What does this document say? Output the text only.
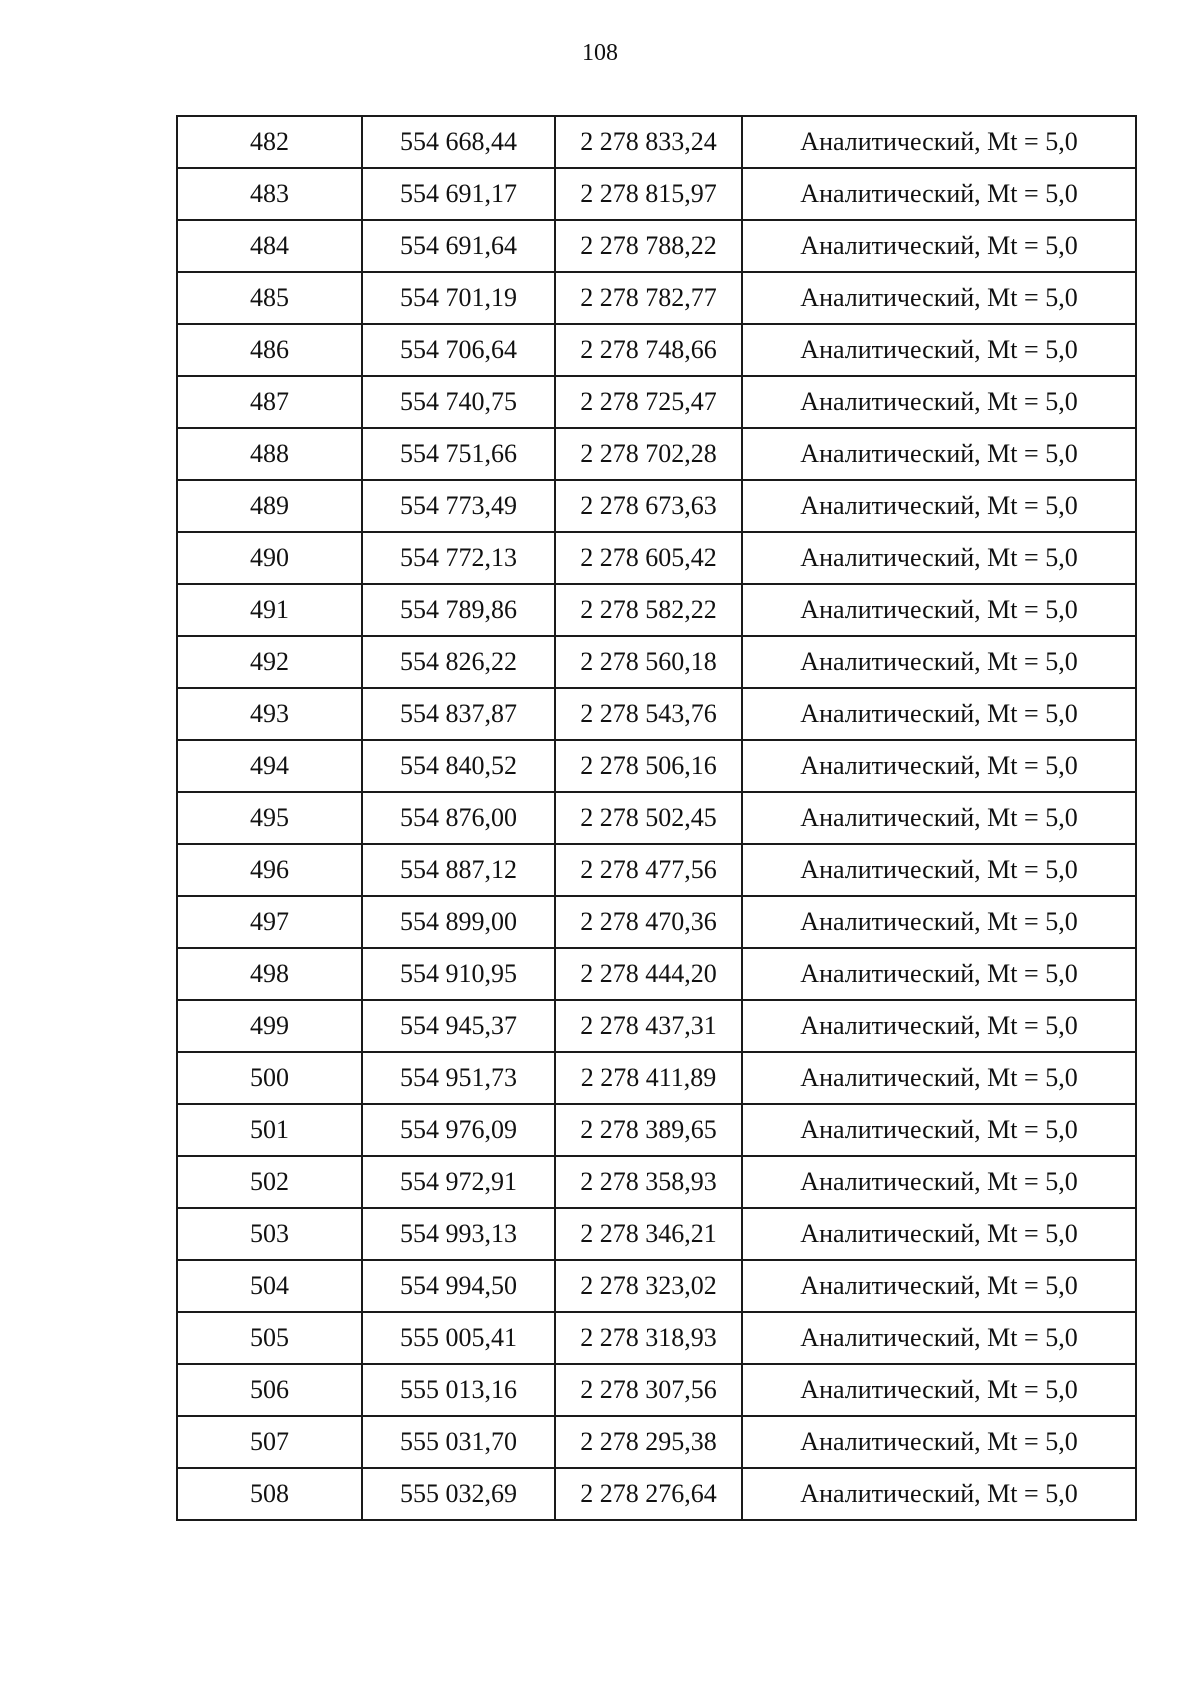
108
482	554 668,44	2 278 833,24	Аналитический, Mt = 5,0
483	554 691,17	2 278 815,97	Аналитический, Mt = 5,0
484	554 691,64	2 278 788,22	Аналитический, Mt = 5,0
485	554 701,19	2 278 782,77	Аналитический, Mt = 5,0
486	554 706,64	2 278 748,66	Аналитический, Mt = 5,0
487	554 740,75	2 278 725,47	Аналитический, Mt = 5,0
488	554 751,66	2 278 702,28	Аналитический, Mt = 5,0
489	554 773,49	2 278 673,63	Аналитический, Mt = 5,0
490	554 772,13	2 278 605,42	Аналитический, Mt = 5,0
491	554 789,86	2 278 582,22	Аналитический, Mt = 5,0
492	554 826,22	2 278 560,18	Аналитический, Mt = 5,0
493	554 837,87	2 278 543,76	Аналитический, Mt = 5,0
494	554 840,52	2 278 506,16	Аналитический, Mt = 5,0
495	554 876,00	2 278 502,45	Аналитический, Mt = 5,0
496	554 887,12	2 278 477,56	Аналитический, Mt = 5,0
497	554 899,00	2 278 470,36	Аналитический, Mt = 5,0
498	554 910,95	2 278 444,20	Аналитический, Mt = 5,0
499	554 945,37	2 278 437,31	Аналитический, Mt = 5,0
500	554 951,73	2 278 411,89	Аналитический, Mt = 5,0
501	554 976,09	2 278 389,65	Аналитический, Mt = 5,0
502	554 972,91	2 278 358,93	Аналитический, Mt = 5,0
503	554 993,13	2 278 346,21	Аналитический, Mt = 5,0
504	554 994,50	2 278 323,02	Аналитический, Mt = 5,0
505	555 005,41	2 278 318,93	Аналитический, Mt = 5,0
506	555 013,16	2 278 307,56	Аналитический, Mt = 5,0
507	555 031,70	2 278 295,38	Аналитический, Mt = 5,0
508	555 032,69	2 278 276,64	Аналитический, Mt = 5,0
